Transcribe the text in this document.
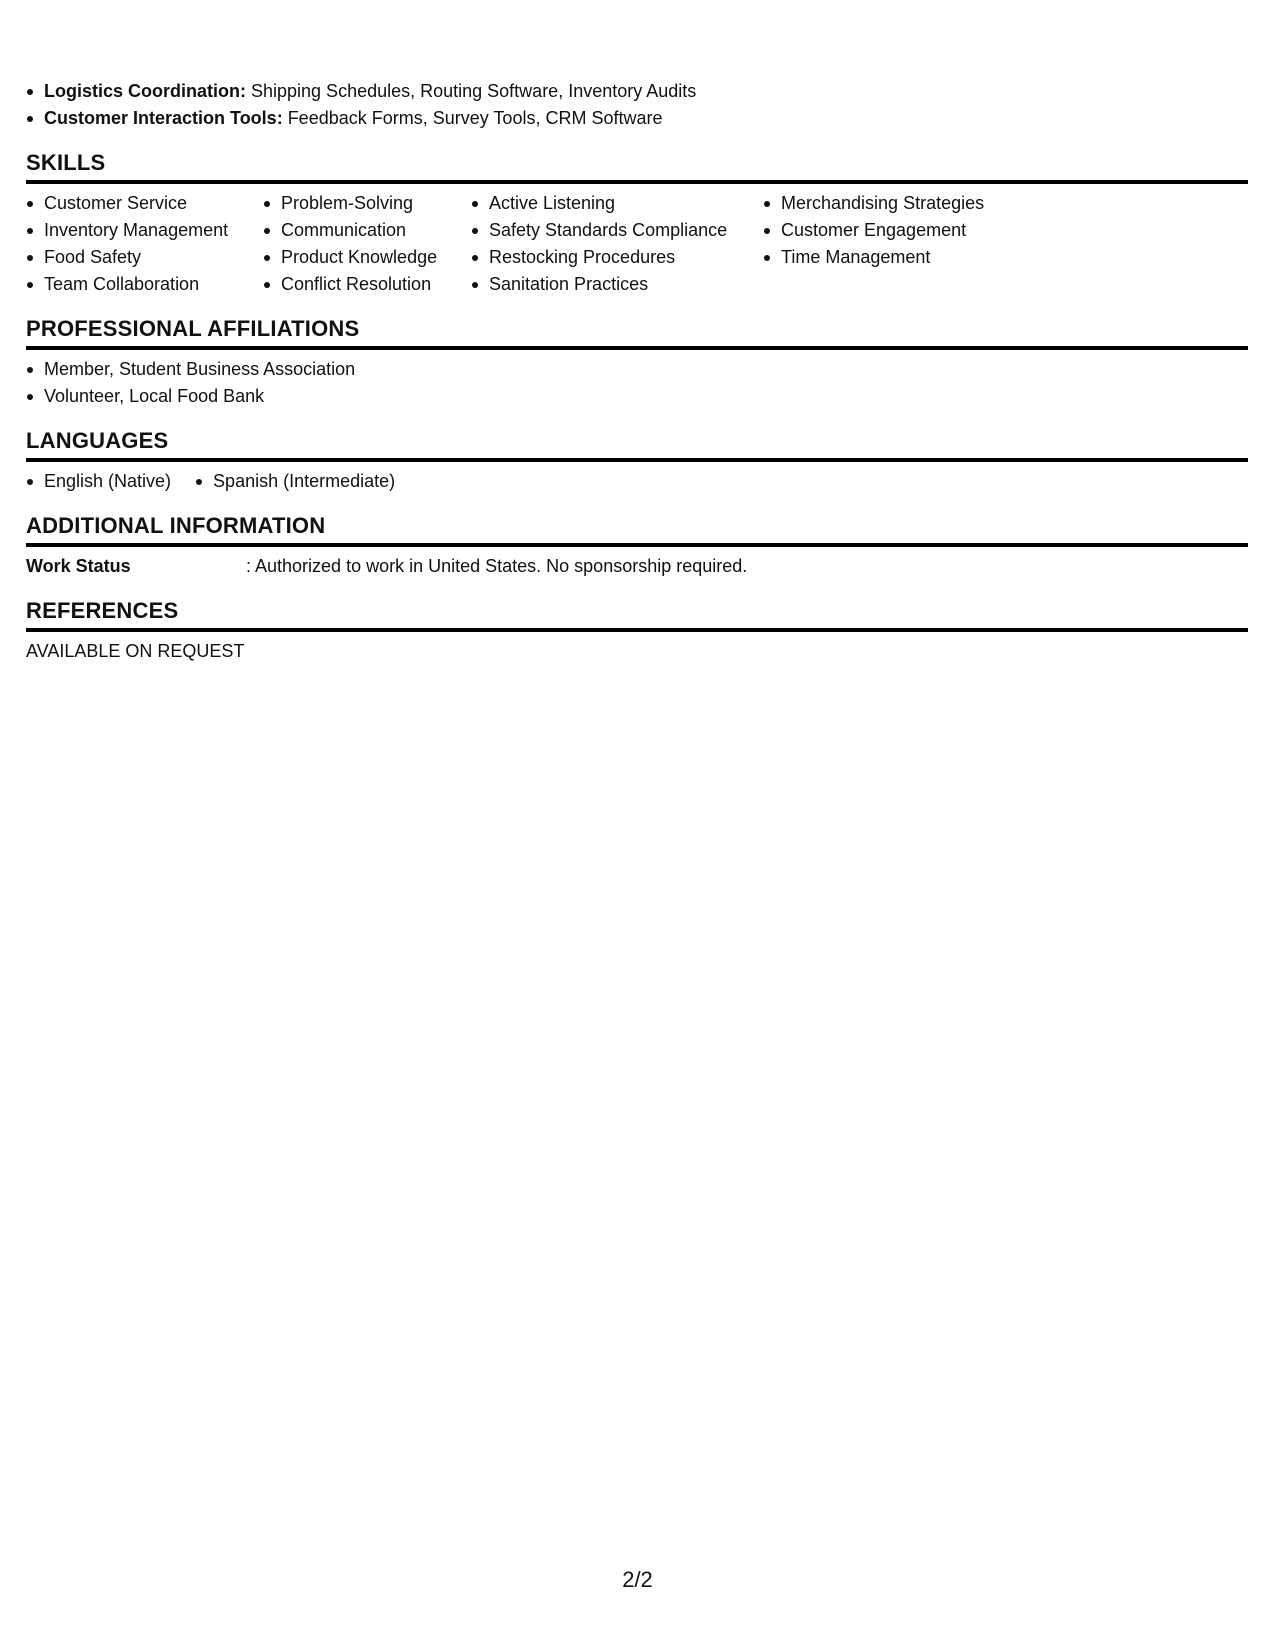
Logistics Coordination: Shipping Schedules, Routing Software, Inventory Audits
Customer Interaction Tools: Feedback Forms, Survey Tools, CRM Software
SKILLS
Customer Service
Inventory Management
Food Safety
Team Collaboration
Problem-Solving
Communication
Product Knowledge
Conflict Resolution
Active Listening
Safety Standards Compliance
Restocking Procedures
Sanitation Practices
Merchandising Strategies
Customer Engagement
Time Management
PROFESSIONAL AFFILIATIONS
Member, Student Business Association
Volunteer, Local Food Bank
LANGUAGES
English (Native)	Spanish (Intermediate)
ADDITIONAL INFORMATION
Work Status	: Authorized to work in United States. No sponsorship required.
REFERENCES
AVAILABLE ON REQUEST
2/2
